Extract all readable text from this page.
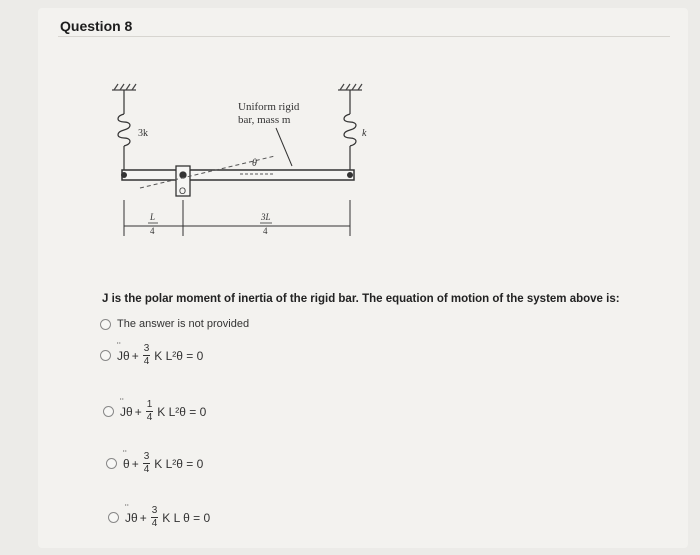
Question 8
3k	k
O
θ
Uniform rigid
bar, mass m
L
4
3L
4
J is the polar moment of inertia of the rigid bar. The equation of motion of the system above is:
The answer is not provided
¨ $J\theta + \frac{3}{4}$ K L²θ = 0
¨ $J\theta + \frac{1}{4}$ K L²θ = 0
¨ $\theta + \frac{3}{4}$ K L²θ = 0
¨ $J\theta + \frac{3}{4}$ K L θ = 0
